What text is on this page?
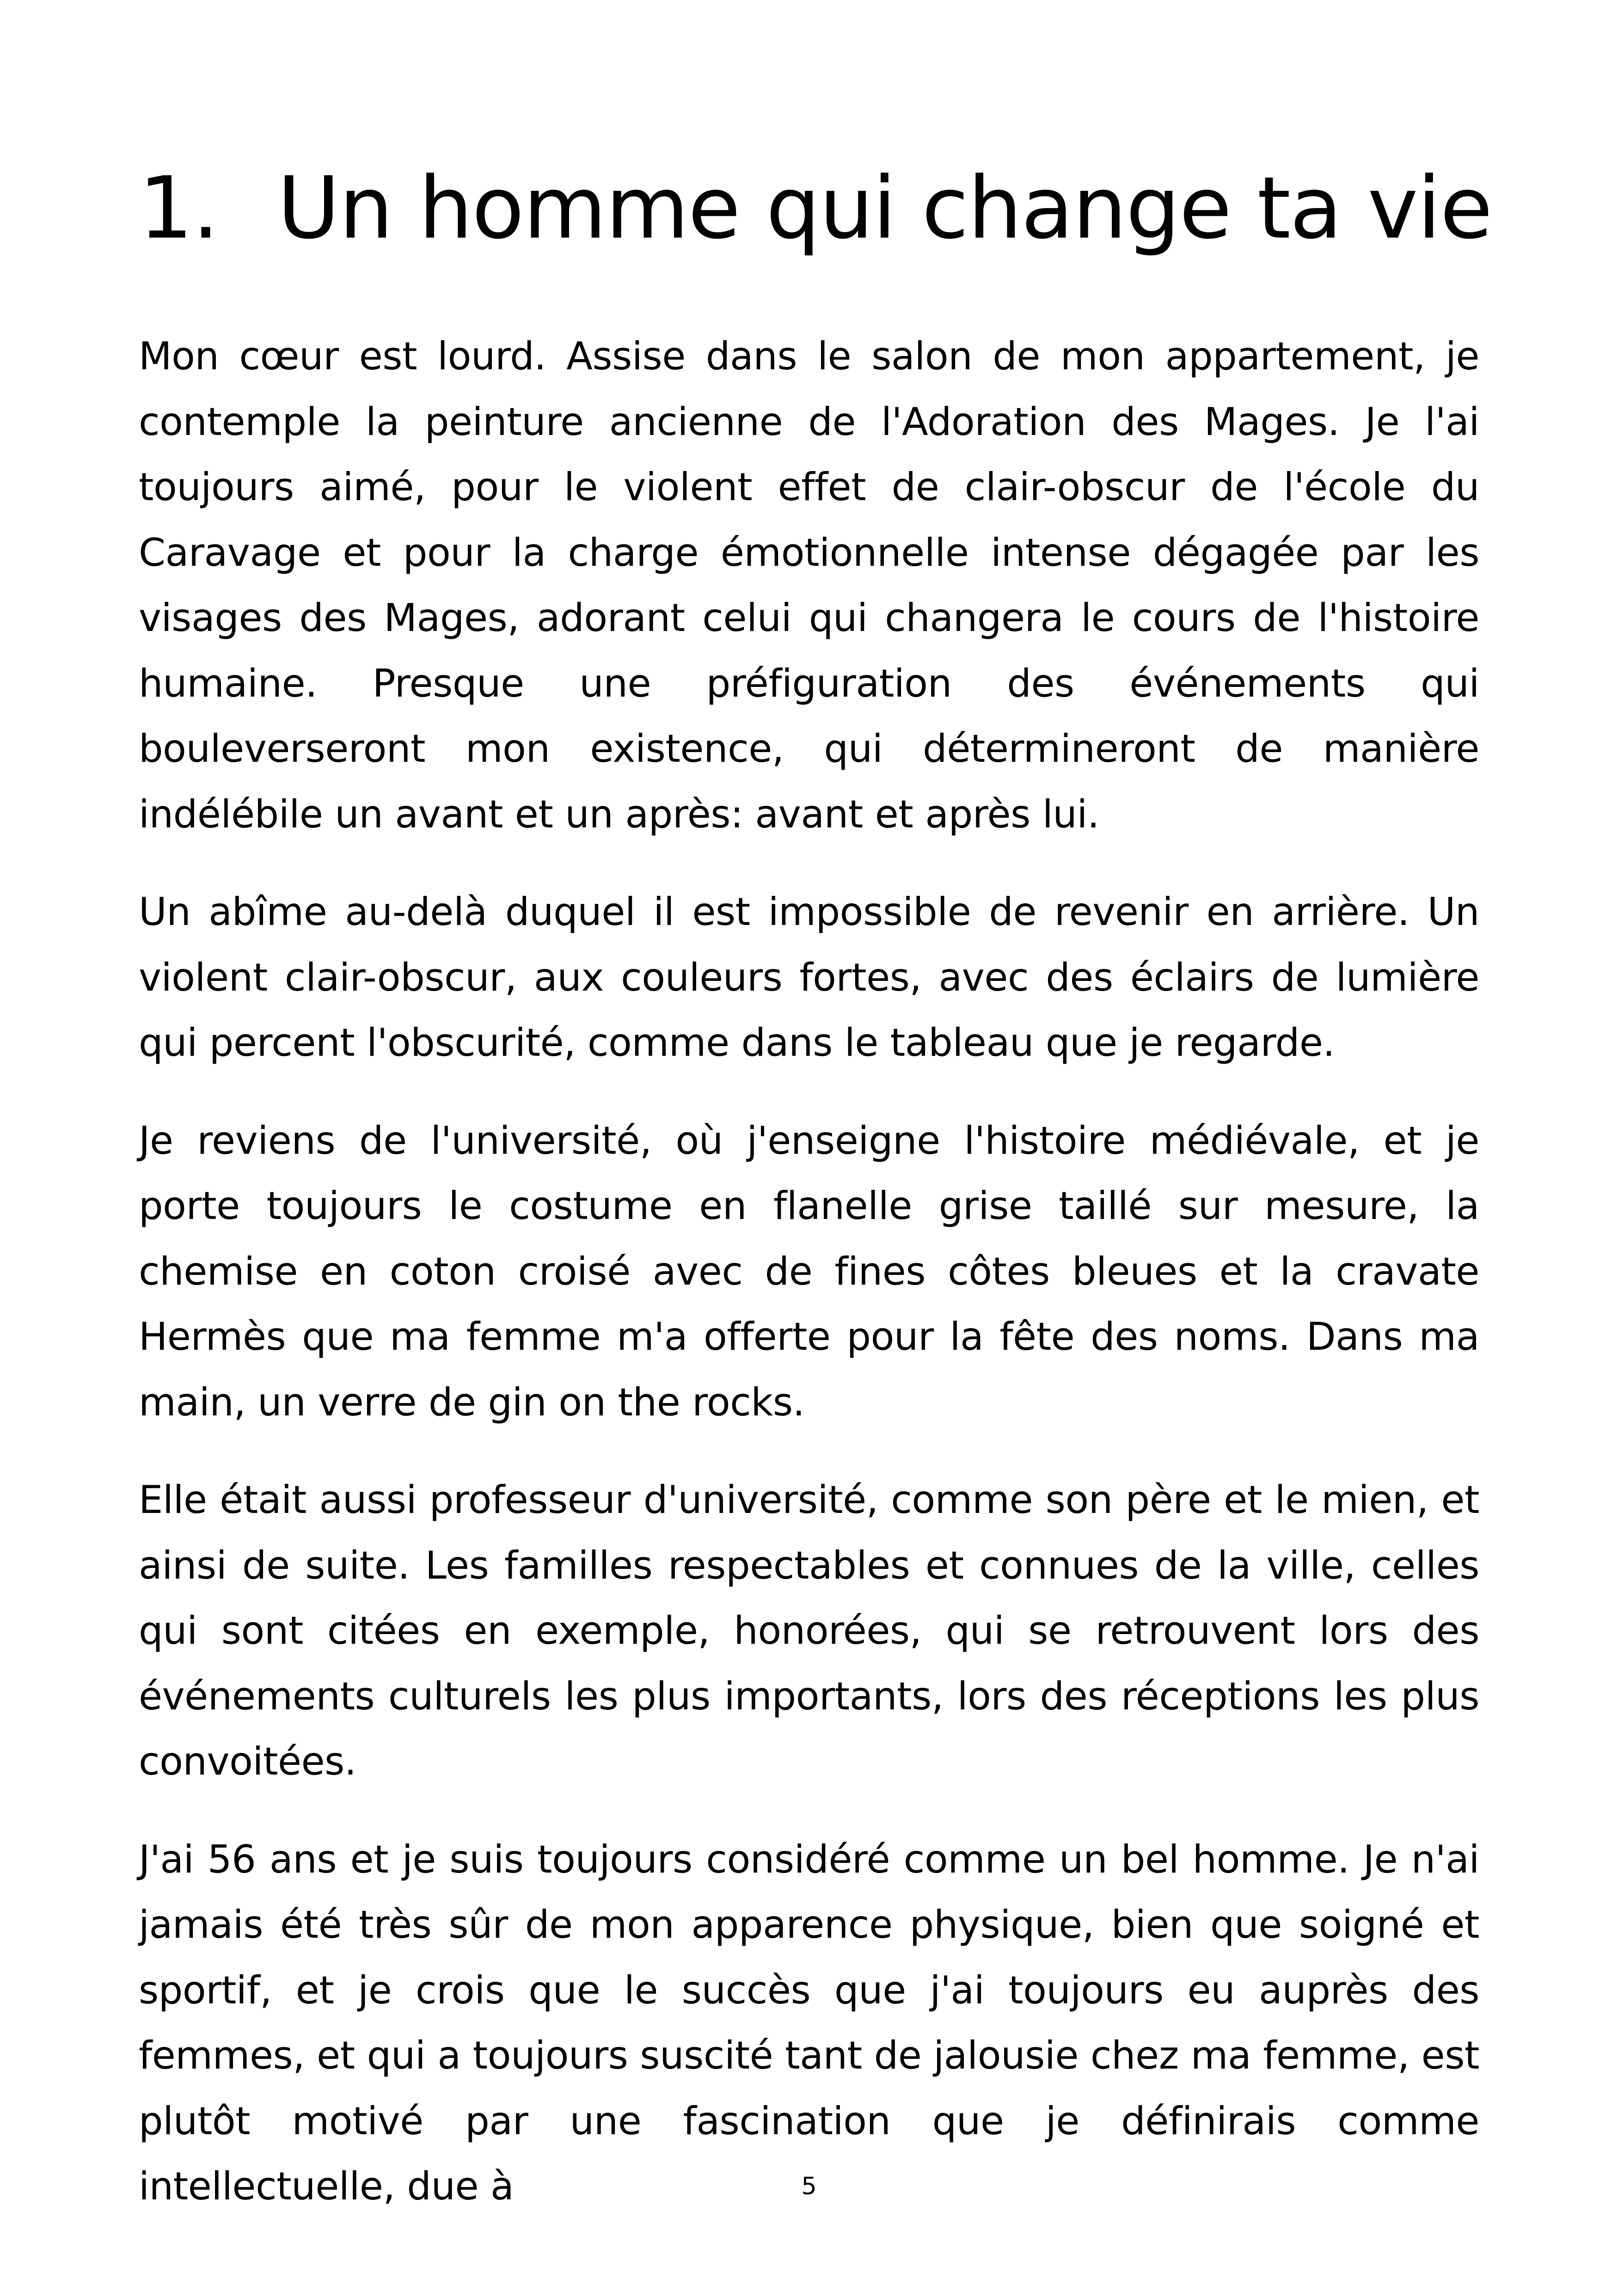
1. Un homme qui change ta vie

Mon cœur est lourd. Assise dans le salon de mon appartement, je contemple la peinture ancienne de l'Adoration des Mages. Je l'ai toujours aimé, pour le violent effet de clair-obscur de l'école du Caravage et pour la charge émotionnelle intense dégagée par les visages des Mages, adorant celui qui changera le cours de l'histoire humaine. Presque une préfiguration des événements qui bouleverseront mon existence, qui détermineront de manière indélébile un avant et un après: avant et après lui.

Un abîme au-delà duquel il est impossible de revenir en arrière. Un violent clair-obscur, aux couleurs fortes, avec des éclairs de lumière qui percent l'obscurité, comme dans le tableau que je regarde.

Je reviens de l'université, où j'enseigne l'histoire médiévale, et je porte toujours le costume en flanelle grise taillé sur mesure, la chemise en coton croisé avec de fines côtes bleues et la cravate Hermès que ma femme m'a offerte pour la fête des noms. Dans ma main, un verre de gin on the rocks.

Elle était aussi professeur d'université, comme son père et le mien, et ainsi de suite. Les familles respectables et connues de la ville, celles qui sont citées en exemple, honorées, qui se retrouvent lors des événements culturels les plus importants, lors des réceptions les plus convoitées.

J'ai 56 ans et je suis toujours considéré comme un bel homme. Je n'ai jamais été très sûr de mon apparence physique, bien que soigné et sportif, et je crois que le succès que j'ai toujours eu auprès des femmes, et qui a toujours suscité tant de jalousie chez ma femme, est plutôt motivé par une fascination que je définirais comme intellectuelle, due à	5
